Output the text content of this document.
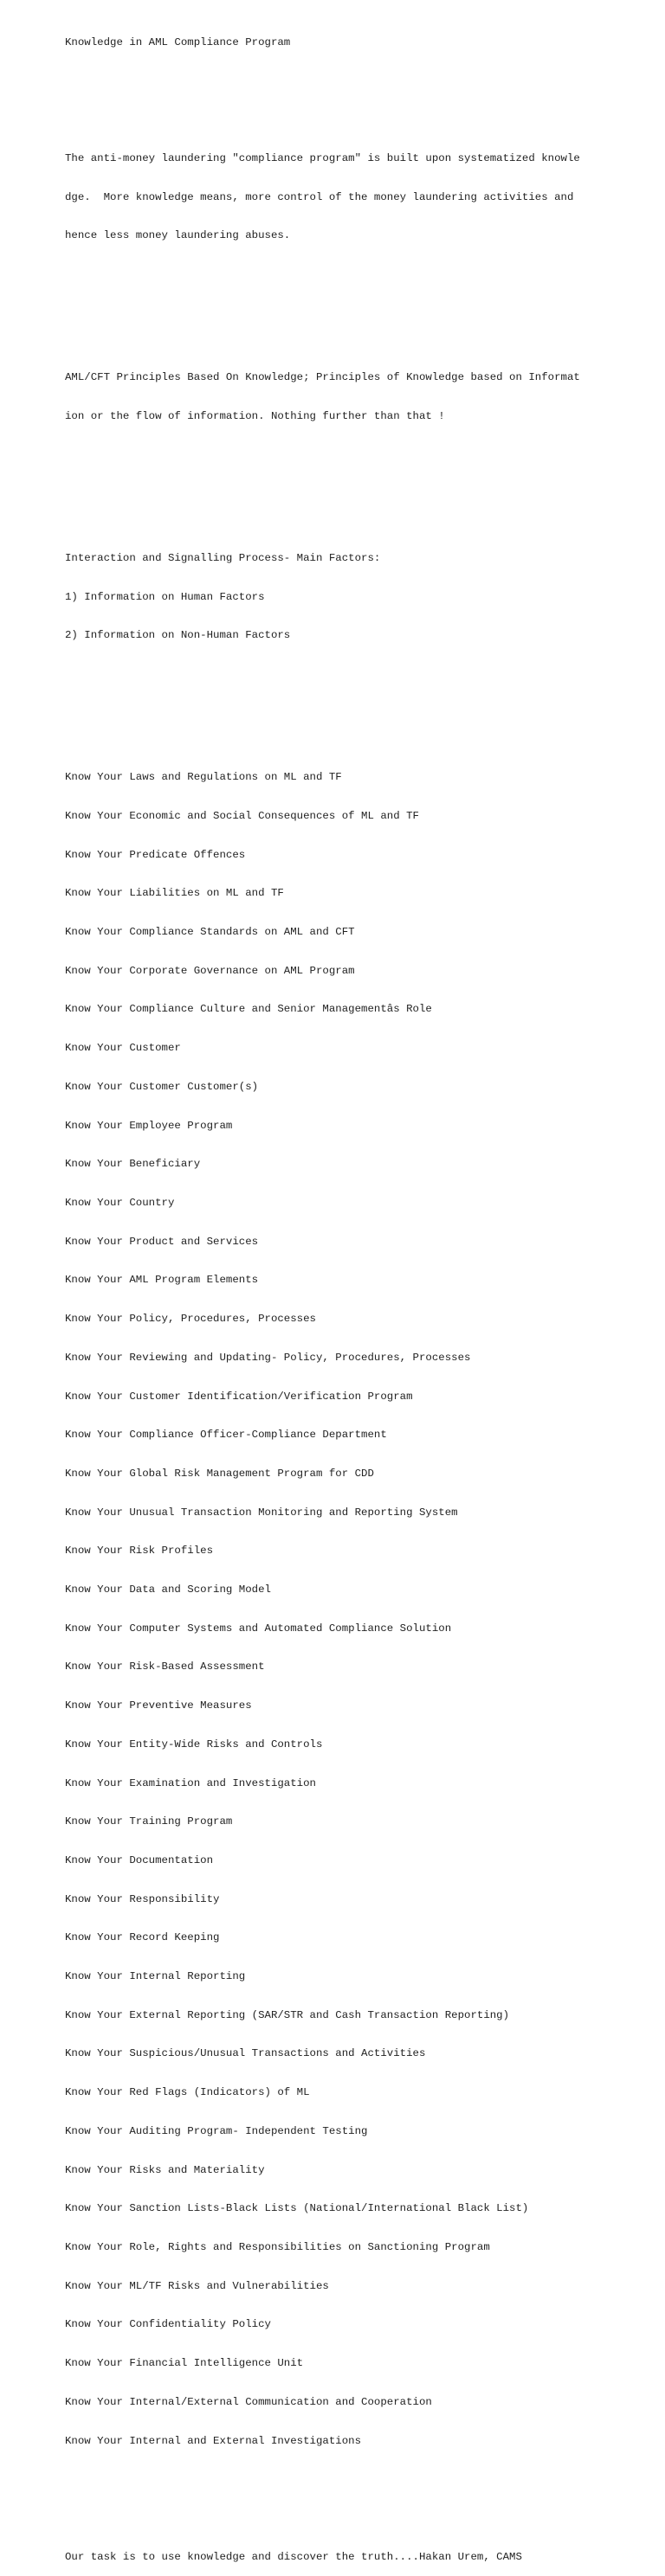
Knowledge in AML Compliance Program

The anti-money laundering "compliance program" is built upon systematized knowle

dge.  More knowledge means, more control of the money laundering activities and

hence less money laundering abuses.

AML/CFT Principles Based On Knowledge; Principles of Knowledge based on Informat

ion or the flow of information. Nothing further than that !

Interaction and Signalling Process- Main Factors:

1) Information on Human Factors

2) Information on Non-Human Factors

Know Your Laws and Regulations on ML and TF

Know Your Economic and Social Consequences of ML and TF

Know Your Predicate Offences

Know Your Liabilities on ML and TF

Know Your Compliance Standards on AML and CFT

Know Your Corporate Governance on AML Program

Know Your Compliance Culture and Senior Managementâs Role

Know Your Customer

Know Your Customer Customer(s)

Know Your Employee Program

Know Your Beneficiary

Know Your Country

Know Your Product and Services

Know Your AML Program Elements

Know Your Policy, Procedures, Processes

Know Your Reviewing and Updating- Policy, Procedures, Processes

Know Your Customer Identification/Verification Program

Know Your Compliance Officer-Compliance Department

Know Your Global Risk Management Program for CDD

Know Your Unusual Transaction Monitoring and Reporting System

Know Your Risk Profiles

Know Your Data and Scoring Model

Know Your Computer Systems and Automated Compliance Solution

Know Your Risk-Based Assessment

Know Your Preventive Measures

Know Your Entity-Wide Risks and Controls

Know Your Examination and Investigation

Know Your Training Program

Know Your Documentation

Know Your Responsibility

Know Your Record Keeping

Know Your Internal Reporting

Know Your External Reporting (SAR/STR and Cash Transaction Reporting)

Know Your Suspicious/Unusual Transactions and Activities

Know Your Red Flags (Indicators) of ML

Know Your Auditing Program- Independent Testing

Know Your Risks and Materiality

Know Your Sanction Lists-Black Lists (National/International Black List)

Know Your Role, Rights and Responsibilities on Sanctioning Program

Know Your ML/TF Risks and Vulnerabilities

Know Your Confidentiality Policy

Know Your Financial Intelligence Unit

Know Your Internal/External Communication and Cooperation

Know Your Internal and External Investigations

Our task is to use knowledge and discover the truth....Hakan Urem, CAMS
